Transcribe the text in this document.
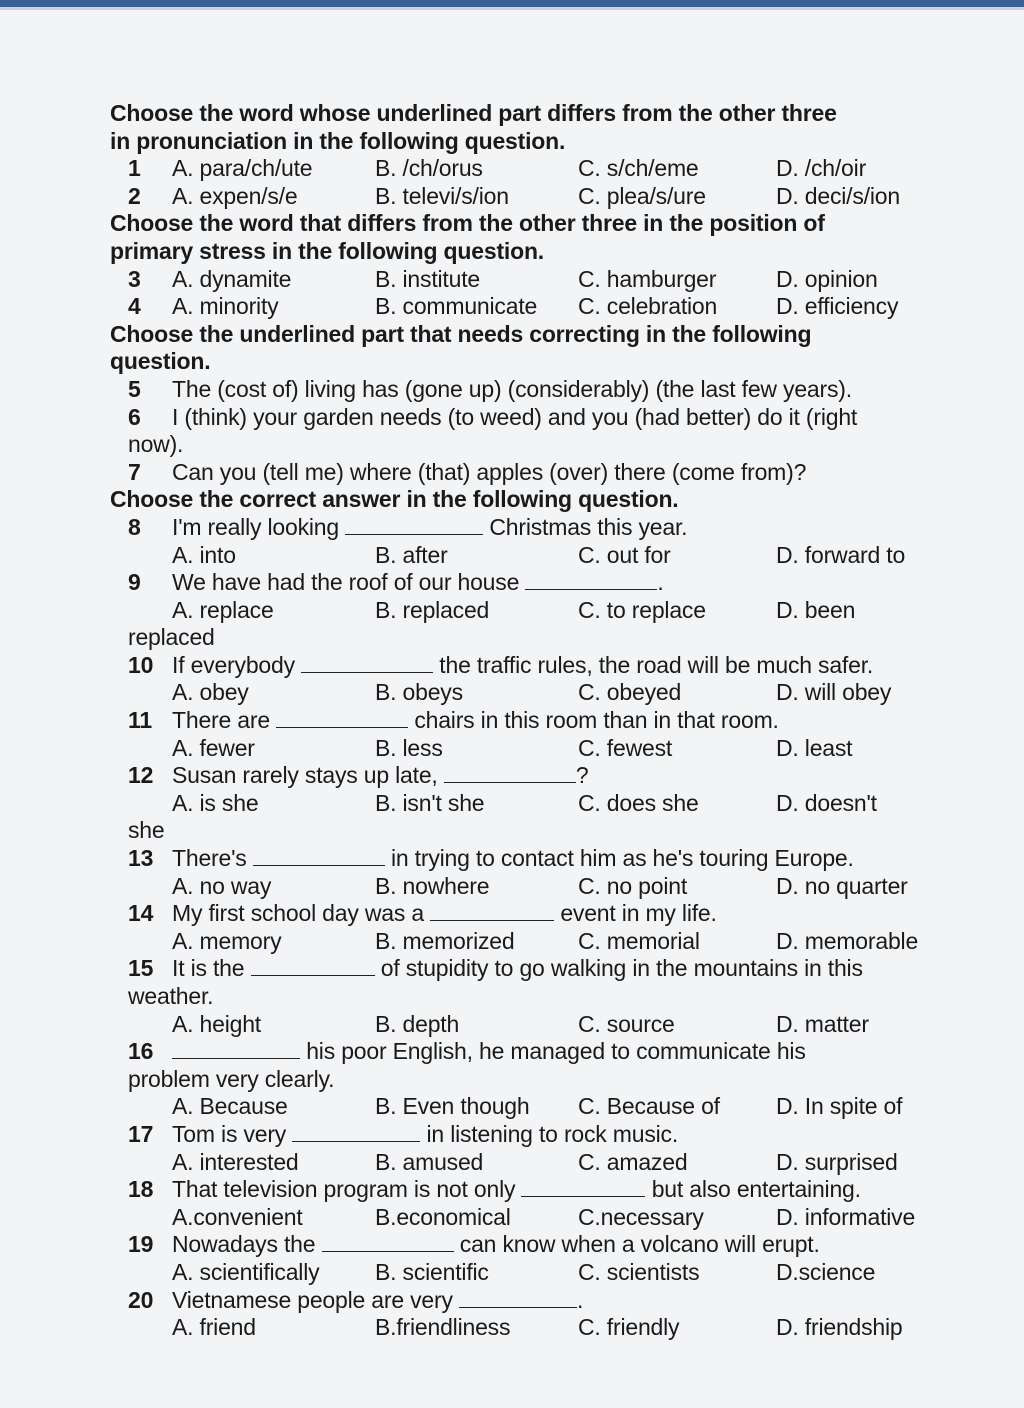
Choose the word whose underlined part differs from the other three
in pronunciation in the following question.
1 A. para/ch/ute	B. /ch/orus	C. s/ch/eme	D. /ch/oir
2 A. expen/s/e	B. televi/s/ion	C. plea/s/ure	D. deci/s/ion
Choose the word that differs from the other three in the position of
primary stress in the following question.
3 A. dynamite	B. institute	C. hamburger	D. opinion
4 A. minority	B. communicate C. celebration	D. efficiency
Choose the underlined part that needs correcting in the following
question.
5 The (cost of) living has (gone up) (considerably) (the last few years).
6 I (think) your garden needs (to weed) and you (had better) do it (right
now).
7 Can you (tell me) where (that) apples (over) there (come from)?
Choose the correct answer in the following question.
8 I'm really looking	Christmas this year.
A. into	B. after	C. out for	D. forward to
9 We have had the roof of our house	.
A. replace	B. replaced	C. to replace	D. been
replaced
10 If everybody	the traffic rules, the road will be much safer.
A. obey	B. obeys	C. obeyed	D. will obey
11 There are	chairs in this room than in that room.
A. fewer	B. less	C. fewest	D. least
12 Susan rarely stays up late,	?
A. is she	B. isn't she	C. does she	D. doesn't
she
13 There's	in trying to contact him as he's touring Europe.
A. no way	B. nowhere	C. no point	D. no quarter
14 My first school day was a	event in my life.
A. memory	B. memorized	C. memorial	D. memorable
15 It is the	of stupidity to go walking in the mountains in this
weather.
A. height	B. depth	C. source	D. matter
16	his poor English, he managed to communicate his
problem very clearly.
A. Because	B. Even though C. Because of D. In spite of
17 Tom is very	in listening to rock music.
A. interested	B. amused	C. amazed	D. surprised
18 That television program is not only	but also entertaining.
A.convenient	B.economical	C.necessary	D. informative
19 Nowadays the	can know when a volcano will erupt.
A. scientifically B. scientific	C. scientists	D.science
20 Vietnamese people are very	.
A. friend	B.friendliness	C. friendly	D. friendship
